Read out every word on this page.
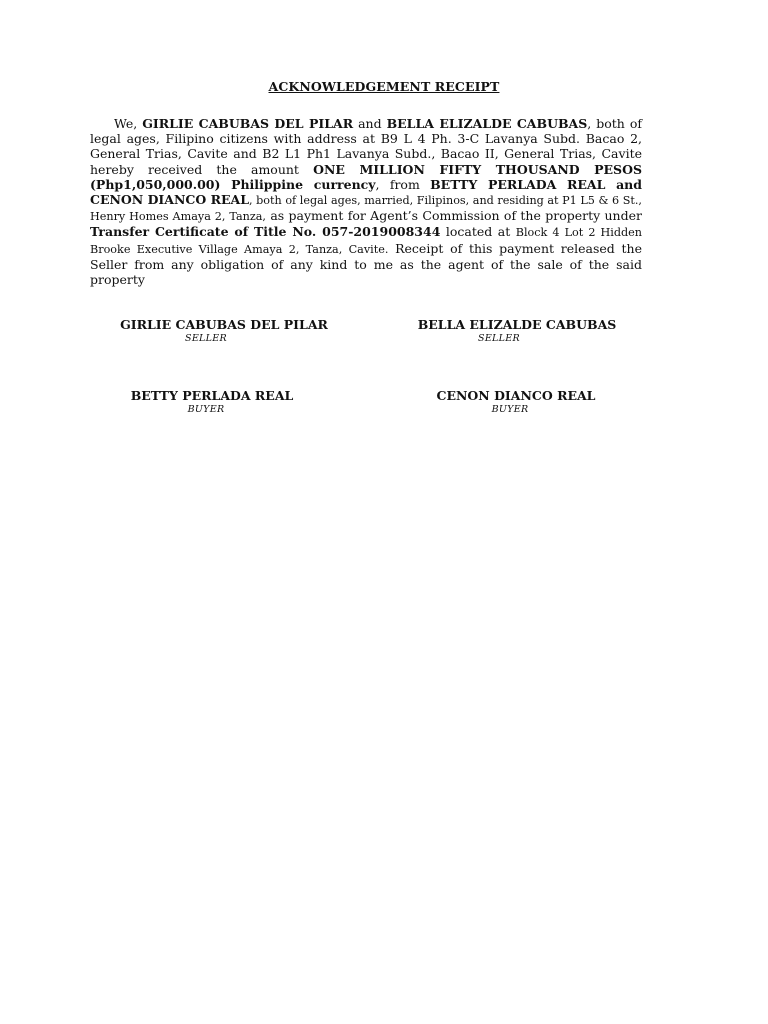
ACKNOWLEDGEMENT RECEIPT
We, GIRLIE CABUBAS DEL PILAR and BELLA ELIZALDE CABUBAS, both of legal ages, Filipino citizens with address at B9 L 4 Ph. 3-C Lavanya Subd. Bacao 2, General Trias, Cavite and B2 L1 Ph1 Lavanya Subd., Bacao II, General Trias, Cavite hereby received the amount ONE MILLION FIFTY THOUSAND PESOS (Php1,050,000.00) Philippine currency, from BETTY PERLADA REAL and CENON DIANCO REAL, both of legal ages, married, Filipinos, and residing at P1 L5 & 6 St., Henry Homes Amaya 2, Tanza, as payment for Agent’s Commission of the property under Transfer Certificate of Title No. 057-2019008344 located at Block 4 Lot 2 Hidden Brooke Executive Village Amaya 2, Tanza, Cavite. Receipt of this payment released the Seller from any obligation of any kind to me as the agent of the sale of the said property
GIRLIE CABUBAS DEL PILAR
SELLER
BELLA ELIZALDE CABUBAS
SELLER
BETTY PERLADA REAL
BUYER
CENON DIANCO REAL
BUYER
